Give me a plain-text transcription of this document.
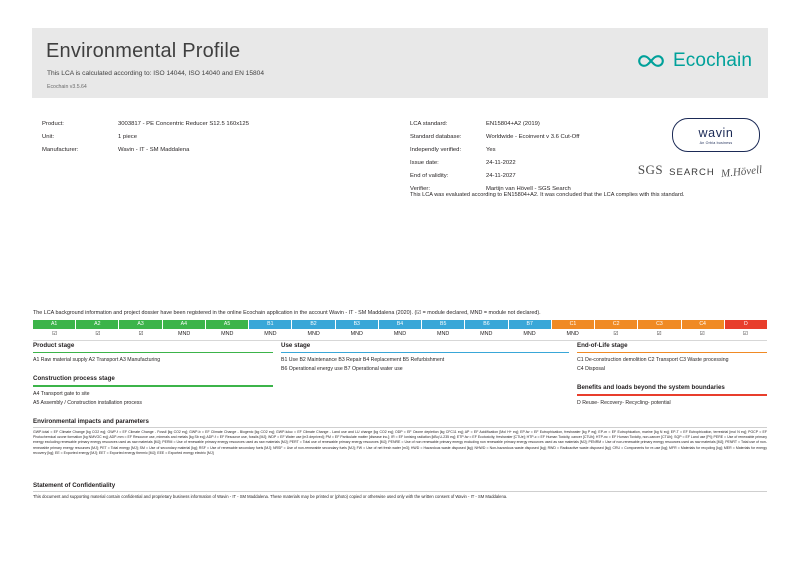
Environmental Profile
This LCA is calculated according to: ISO 14044, ISO 14040 and EN 15804
Ecochain v3.5.64
Ecochain
Product:	3003817 - PE Concentric Reducer S12.5 160x125
Unit:	1 piece
Manufacturer:	Wavin - IT - SM Maddalena
LCA standard:	EN15804+A2 (2019)
Standard database:	Worldwide - Ecoinvent v 3.6 Cut-Off
Independly verified:	Yes
Issue date:	24-11-2022
End of validity:	24-11-2027
Verifier:	Martijn van Hövell - SGS Search
wavin
An Orbia business
SGS SEARCH M.Hövell
This LCA was evaluated according to EN15804+A2. It was concluded that the LCA complies with this standard.
The LCA background information and project dossier have been registered in the online Ecochain application in the account Wavin - IT - SM Maddalena (2020). (☑ = module declared, MND = module not declared).
A1	A2	A3	A4	A5	B1	B2	B3	B4	B5	B6	B7	C1	C2	C3	C4	D
☑	☑	☑	MND	MND	MND	MND	MND	MND	MND	MND	MND	MND	☑	☑	☑	☑
Product stage
A1 Raw material supply A2 Transport A3 Manufacturing
Construction process stage
A4 Transport gate to site
A5 Assembly / Construction installation process
Use stage
B1 Use B2 Maintenance B3 Repair B4 Replacement B5 Refurbishment
B6 Operational energy use B7 Operational water use
End-of-Life stage
C1 De-construction demolition C2 Transport C3 Waste processing
C4 Disposal
Benefits and loads beyond the system boundaries
D Reuse- Recovery- Recycling- potential
Environmental impacts and parameters
GWP-total = EF Climate Change [kg CO2 eq]; GWP-f = EF Climate Change - Fossil [kg CO2 eq]; GWP-b = EF Climate Change - Biogenic [kg CO2 eq]; GWP-luluc = EF Climate Change - Land use and LU change [kg CO2 eq]; ODP = EF Ozone depletion [kg CFC11 eq]; AP = EF Acidification [Mol H+ eq]; EP-fw = EF Eutrophication, freshwater [kg P eq]; EP-m = EF Eutrophication, marine [kg N eq]; EP-T = EF Eutrophication, terrestrial [mol N eq]; POCP = EF Photochemical ozone formation [kg NMVOC eq]; ADP-mm = EF Resource use, minerals and metals [kg Sb eq]; ADP-f = EF Resource use, fossils [MJ]; WDP = EF Water use [m3 deprived]; PM = EF Particulate matter [disease inc.]; IR = EF Ionising radiation [kBq U-235 eq]; ETP-fw = EF Ecotoxicity, freshwater [CTUe]; HTP-c = EF Human Toxicity, cancer [CTUh]; HTP-nc = EF Human Toxicity, non-cancer [CTUh]; SQP = EF Land use [Pt]; PERE = Use of renewable primary energy excluding renewable primary energy resources used as raw materials [MJ]; PERM = Use of renewable primary energy resources used as raw materials [MJ]; PERT = Total use of renewable primary energy resources [MJ]; PENRE = Use of non renewable primary energy excluding non renewable primary energy resources used as raw materials [MJ]; PENRM = Use of non-renewable primary energy resources used as raw materials [MJ]; PENRT = Total use of non-renewable primary energy resources [MJ]; PET = Total energy [MJ]; SM = Use of secondary material [kg]; RSF = Use of renewable secondary fuels [MJ]; NRSF = Use of non-renewable secondary fuels [MJ]; FW = Use of net fresh water [m3]; HWD = Hazardous waste disposed [kg]; NHWD = Non-hazardous waste disposed [kg]; RWD = Radioactive waste disposed [kg]; CRU = Components for re-use [kg]; MFR = Materials for recycling [kg]; MER = Materials for energy recovery [kg]; EE = Exported energy [MJ]; EET = Exported energy thermic [MJ]; EEE = Exported energy electric [MJ]
Statement of Confidentiality
This document and supporting material contain confidential and proprietary business information of Wavin - IT - SM Maddalena. These materials may be printed or (photo) copied or otherwise used only with the written consent of Wavin - IT - SM Maddalena.
